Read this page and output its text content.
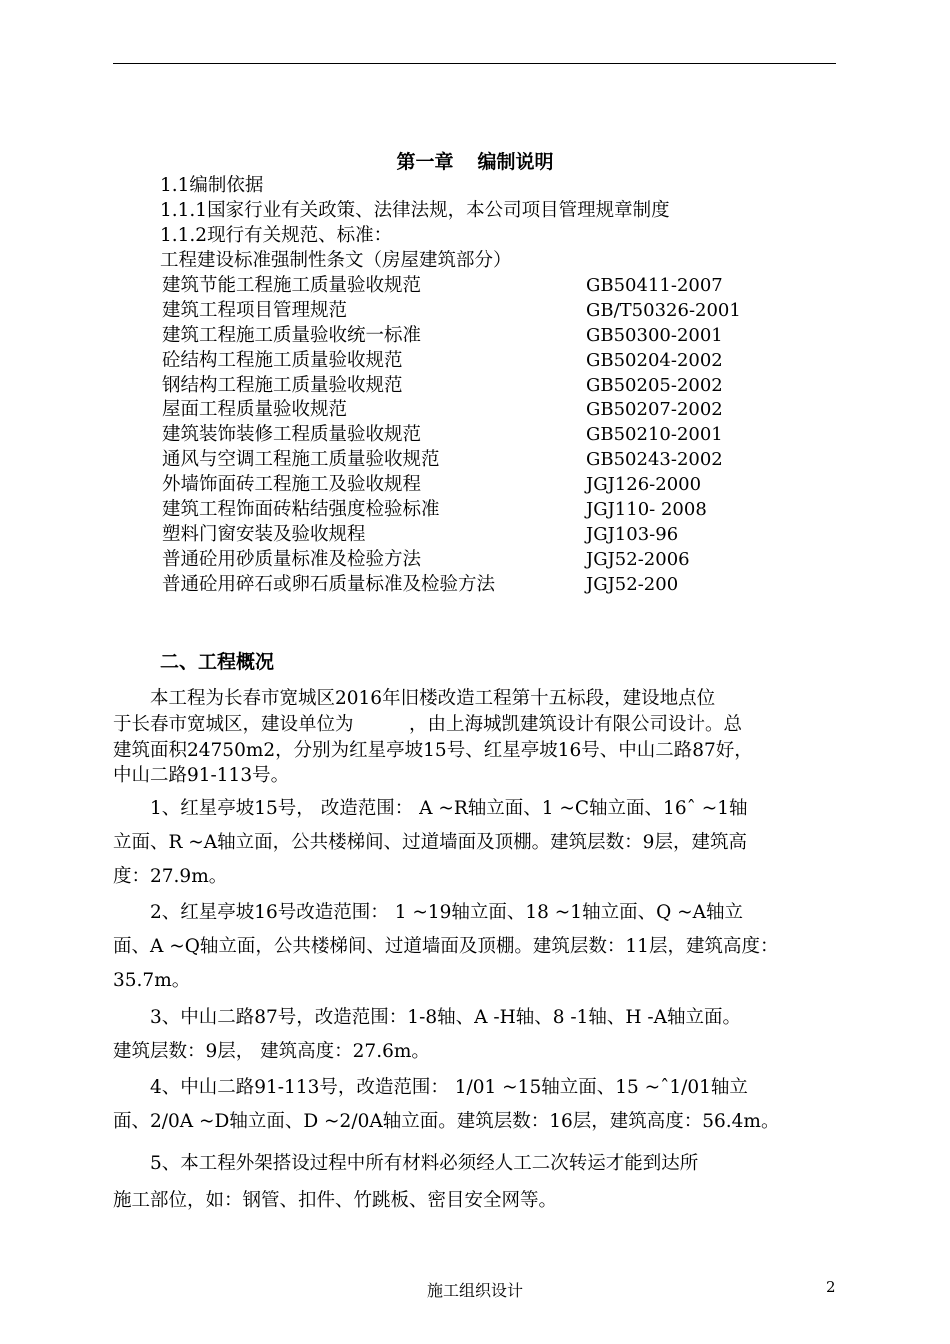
第一章 编制说明
1.1编制依据
1.1.1国家行业有关政策、法律法规，本公司项目管理规章制度
1.1.2现行有关规范、标准：
工程建设标准强制性条文（房屋建筑部分）
建筑节能工程施工质量验收规范	GB50411-2007
建筑工程项目管理规范	GB/T50326-2001
建筑工程施工质量验收统一标准	GB50300-2001
砼结构工程施工质量验收规范	GB50204-2002
钢结构工程施工质量验收规范	GB50205-2002
屋面工程质量验收规范	GB50207-2002
建筑装饰装修工程质量验收规范	GB50210-2001
通风与空调工程施工质量验收规范	GB50243-2002
外墙饰面砖工程施工及验收规程	JGJ126-2000
建筑工程饰面砖粘结强度检验标准	JGJ110- 2008
塑料门窗安装及验收规程	JGJ103-96
普通砼用砂质量标准及检验方法	JGJ52-2006
普通砼用碎石或卵石质量标准及检验方法	JGJ52-200
二、工程概况
　　本工程为长春市宽城区2016年旧楼改造工程第十五标段，建设地点位
于长春市宽城区，建设单位为　　　，由上海城凯建筑设计有限公司设计。总
建筑面积24750m2，分别为红星亭坡15号、红星亭坡16号、中山二路87好，
中山二路91-113号。
　　1、红星亭坡15号， 改造范围： A ~R轴立面、1 ~C轴立面、16ˆ ~1轴
立面、R ~A轴立面，公共楼梯间、过道墙面及顶棚。建筑层数：9层，建筑高
度：27.9m。
　　2、红星亭坡16号改造范围： 1 ~19轴立面、18 ~1轴立面、Q ~A轴立
面、A ~Q轴立面，公共楼梯间、过道墙面及顶棚。建筑层数：11层，建筑高度：
35.7m。
　　3、中山二路87号，改造范围：1-8轴、A -H轴、8 -1轴、H -A轴立面。
建筑层数：9层， 建筑高度：27.6m。
　　4、中山二路91-113号，改造范围： 1/01 ~15轴立面、15 ~ˆ1/01轴立
面、2/0A ~D轴立面、D ~2/0A轴立面。建筑层数：16层，建筑高度：56.4m。
　　5、本工程外架搭设过程中所有材料必须经人工二次转运才能到达所
施工部位，如：钢管、扣件、竹跳板、密目安全网等。
施工组织设计	2
